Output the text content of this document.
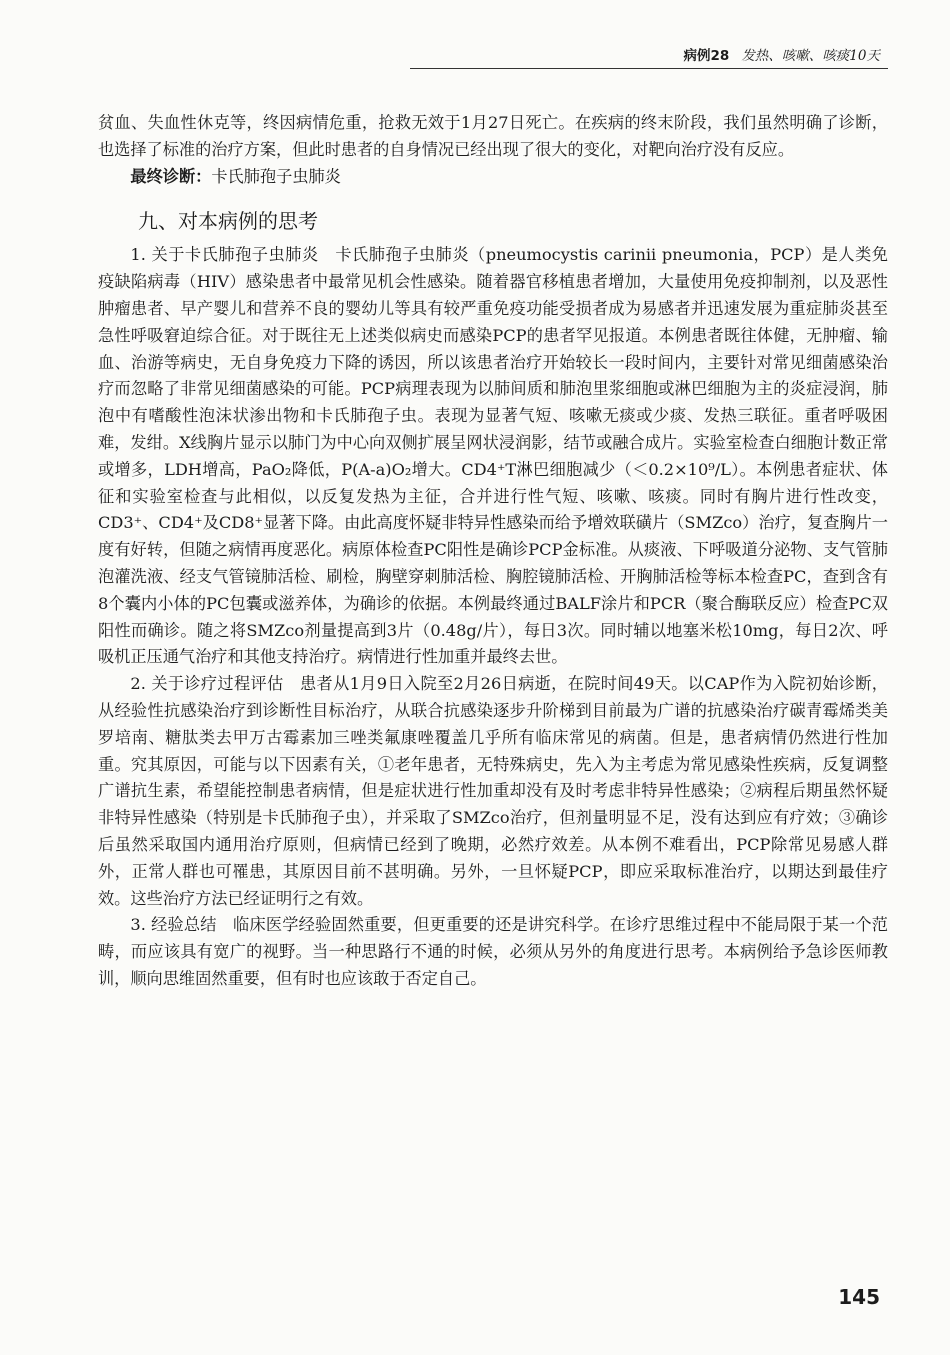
病例28 发热、咳嗽、咳痰10天

贫血、失血性休克等，终因病情危重，抢救无效于1月27日死亡。在疾病的终末阶段，我们虽然明确了诊断，也选择了标准的治疗方案，但此时患者的自身情况已经出现了很大的变化，对靶向治疗没有反应。

最终诊断：卡氏肺孢子虫肺炎

九、对本病例的思考

1. 关于卡氏肺孢子虫肺炎　卡氏肺孢子虫肺炎（pneumocystis carinii pneumonia，PCP）是人类免疫缺陷病毒（HIV）感染患者中最常见机会性感染。随着器官移植患者增加，大量使用免疫抑制剂，以及恶性肿瘤患者、早产婴儿和营养不良的婴幼儿等具有较严重免疫功能受损者成为易感者并迅速发展为重症肺炎甚至急性呼吸窘迫综合征。对于既往无上述类似病史而感染PCP的患者罕见报道。本例患者既往体健，无肿瘤、输血、治游等病史，无自身免疫力下降的诱因，所以该患者治疗开始较长一段时间内，主要针对常见细菌感染治疗而忽略了非常见细菌感染的可能。PCP病理表现为以肺间质和肺泡里浆细胞或淋巴细胞为主的炎症浸润，肺泡中有嗜酸性泡沫状渗出物和卡氏肺孢子虫。表现为显著气短、咳嗽无痰或少痰、发热三联征。重者呼吸困难，发绀。X线胸片显示以肺门为中心向双侧扩展呈网状浸润影，结节或融合成片。实验室检查白细胞计数正常或增多，LDH增高，PaO₂降低，P(A-a)O₂增大。CD4⁺T淋巴细胞减少（＜0.2×10⁹/L）。本例患者症状、体征和实验室检查与此相似，以反复发热为主征，合并进行性气短、咳嗽、咳痰。同时有胸片进行性改变，CD3⁺、CD4⁺及CD8⁺显著下降。由此高度怀疑非特异性感染而给予增效联磺片（SMZco）治疗，复查胸片一度有好转，但随之病情再度恶化。病原体检查PC阳性是确诊PCP金标准。从痰液、下呼吸道分泌物、支气管肺泡灌洗液、经支气管镜肺活检、刷检，胸壁穿刺肺活检、胸腔镜肺活检、开胸肺活检等标本检查PC，查到含有8个囊内小体的PC包囊或滋养体，为确诊的依据。本例最终通过BALF涂片和PCR（聚合酶联反应）检查PC双阳性而确诊。随之将SMZco剂量提高到3片（0.48g/片），每日3次。同时辅以地塞米松10mg，每日2次、呼吸机正压通气治疗和其他支持治疗。病情进行性加重并最终去世。

2. 关于诊疗过程评估　患者从1月9日入院至2月26日病逝，在院时间49天。以CAP作为入院初始诊断，从经验性抗感染治疗到诊断性目标治疗，从联合抗感染逐步升阶梯到目前最为广谱的抗感染治疗碳青霉烯类美罗培南、糖肽类去甲万古霉素加三唑类氟康唑覆盖几乎所有临床常见的病菌。但是，患者病情仍然进行性加重。究其原因，可能与以下因素有关，①老年患者，无特殊病史，先入为主考虑为常见感染性疾病，反复调整广谱抗生素，希望能控制患者病情，但是症状进行性加重却没有及时考虑非特异性感染；②病程后期虽然怀疑非特异性感染（特别是卡氏肺孢子虫），并采取了SMZco治疗，但剂量明显不足，没有达到应有疗效；③确诊后虽然采取国内通用治疗原则，但病情已经到了晚期，必然疗效差。从本例不难看出，PCP除常见易感人群外，正常人群也可罹患，其原因目前不甚明确。另外，一旦怀疑PCP，即应采取标准治疗，以期达到最佳疗效。这些治疗方法已经证明行之有效。

3. 经验总结　临床医学经验固然重要，但更重要的还是讲究科学。在诊疗思维过程中不能局限于某一个范畴，而应该具有宽广的视野。当一种思路行不通的时候，必须从另外的角度进行思考。本病例给予急诊医师教训，顺向思维固然重要，但有时也应该敢于否定自己。

145
